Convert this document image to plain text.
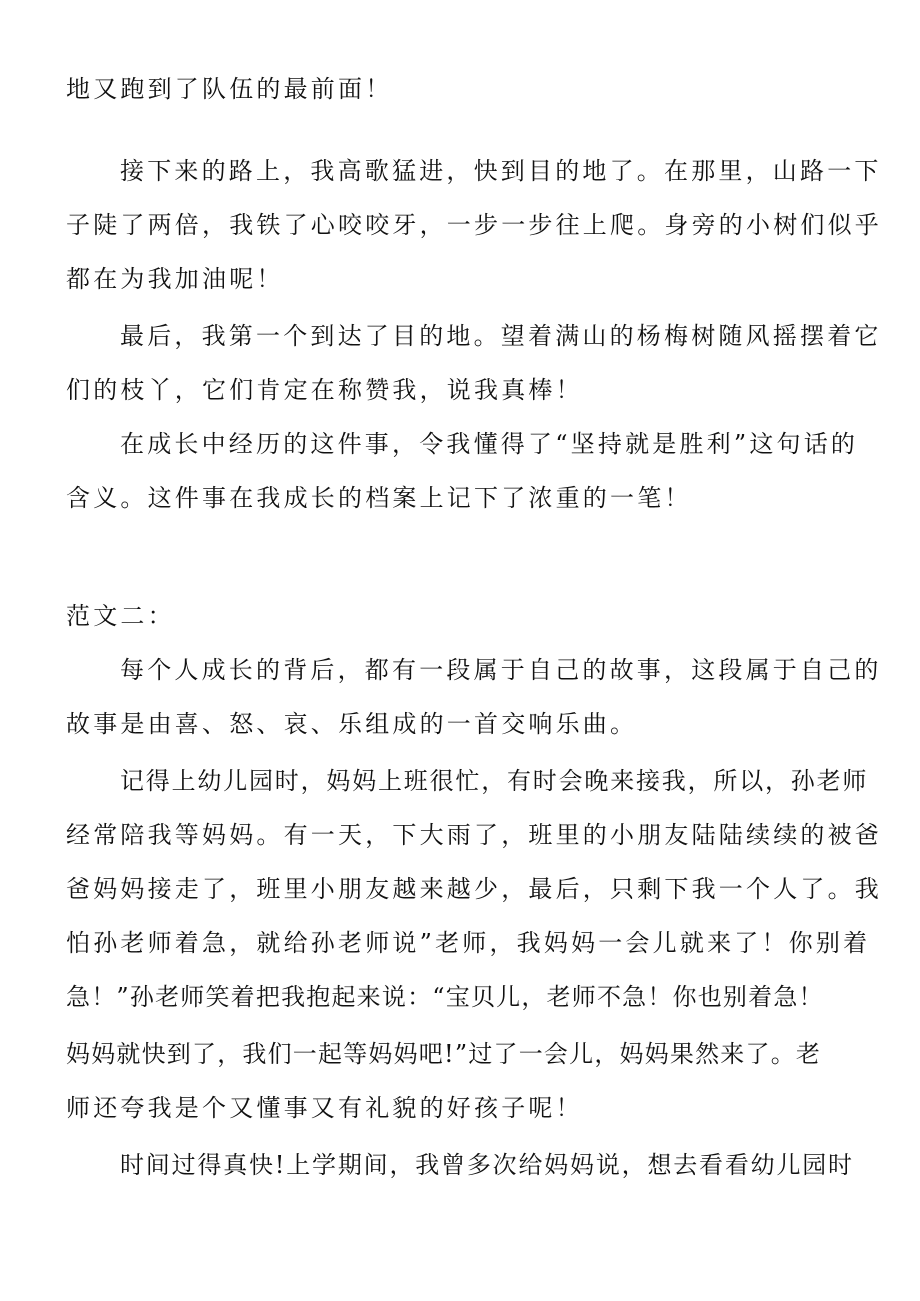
地又跑到了队伍的最前面！
接下来的路上，我高歌猛进，快到目的地了。在那里，山路一下
子陡了两倍，我铁了心咬咬牙，一步一步往上爬。身旁的小树们似乎
都在为我加油呢！
最后，我第一个到达了目的地。望着满山的杨梅树随风摇摆着它
们的枝丫，它们肯定在称赞我，说我真棒！
在成长中经历的这件事，令我懂得了“坚持就是胜利”这句话的
含义。这件事在我成长的档案上记下了浓重的一笔！
范文二：
每个人成长的背后，都有一段属于自己的故事，这段属于自己的
故事是由喜、怒、哀、乐组成的一首交响乐曲。
记得上幼儿园时，妈妈上班很忙，有时会晚来接我，所以，孙老师
经常陪我等妈妈。有一天，下大雨了，班里的小朋友陆陆续续的被爸
爸妈妈接走了，班里小朋友越来越少，最后，只剩下我一个人了。我
怕孙老师着急，就给孙老师说”老师，我妈妈一会儿就来了！你别着
急！”孙老师笑着把我抱起来说：“宝贝儿，老师不急！你也别着急！
妈妈就快到了，我们一起等妈妈吧!”过了一会儿，妈妈果然来了。老
师还夸我是个又懂事又有礼貌的好孩子呢！
时间过得真快!上学期间，我曾多次给妈妈说，想去看看幼儿园时
